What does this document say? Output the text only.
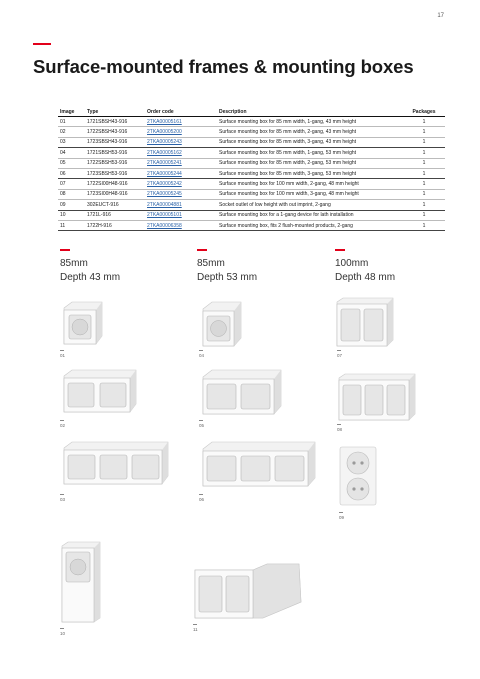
17
Surface-mounted frames & mounting boxes
Image	Type	Order code	Description	Packages
01	1721SBSH43-916	2TKA00005161	Surface mounting box for 85 mm width, 1-gang, 43 mm height	1
02	1722SBSH43-916	2TKA00005200	Surface mounting box for 85 mm width, 2-gang, 43 mm height	1
03	1723SBSH43-916	2TKA00005243	Surface mounting box for 85 mm width, 3-gang, 43 mm height	1
04	1721SBSH53-916	2TKA00005162	Surface mounting box for 85 mm width, 1-gang, 53 mm height	1
05	1722SBSH53-916	2TKA00005241	Surface mounting box for 85 mm width, 2-gang, 53 mm height	1
06	1723SBSH53-916	2TKA00005244	Surface mounting box for 85 mm width, 3-gang, 53 mm height	1
07	1722SI00H48-916	2TKA00005242	Surface mounting box for 100 mm width, 2-gang, 48 mm height	1
08	1723SI00H48-916	2TKA00005245	Surface mounting box for 100 mm width, 3-gang, 48 mm height	1
09	302EUCT-916	2TKA00004881	Socket outlet of low height with out imprint, 2-gang	1
10	1721L-916	2TKA00005101	Surface mounting box for a 1-gang device for lath installation	1
11	1722H-916	2TKA00006358	Surface mounting box, fits 2 flush-mounted products, 2-gang	1
85mm
Depth 43 mm
85mm
Depth 53 mm
100mm
Depth 48 mm
01
02
03
04
05
06
07
08
09
10
11
